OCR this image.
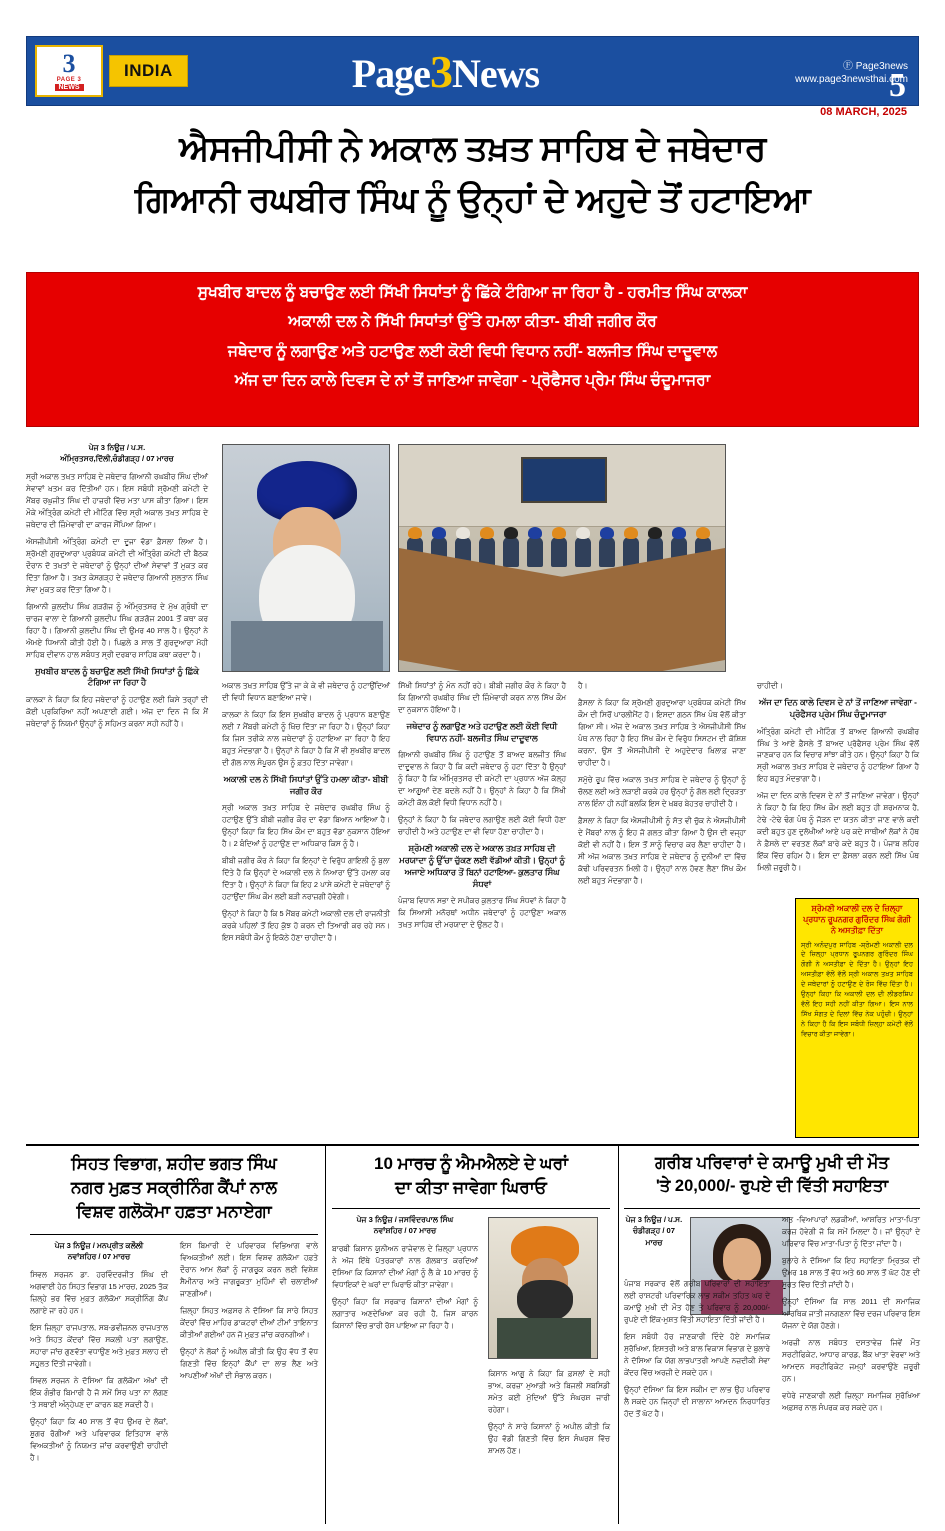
3
PAGE 3
NEWS
INDIA	Page3News	Ⓕ Page3news
www.page3newsthai.com
5
08 MARCH, 2025
ਐਸਜੀਪੀਸੀ ਨੇ ਅਕਾਲ ਤਖ਼ਤ ਸਾਹਿਬ ਦੇ ਜਥੇਦਾਰ
ਗਿਆਨੀ ਰਘਬੀਰ ਸਿੰਘ ਨੂੰ ਉਨ੍ਹਾਂ ਦੇ ਅਹੁਦੇ ਤੋਂ ਹਟਾਇਆ

ਸੁਖਬੀਰ ਬਾਦਲ ਨੂੰ ਬਚਾਉਣ ਲਈ ਸਿੱਖੀ ਸਿਧਾਂਤਾਂ ਨੂੰ ਛਿੱਕੇ ਟੰਗਿਆ ਜਾ ਰਿਹਾ ਹੈ - ਹਰਮੀਤ ਸਿੰਘ ਕਾਲਕਾ

ਅਕਾਲੀ ਦਲ ਨੇ ਸਿੱਖੀ ਸਿਧਾਂਤਾਂ ਉੱਤੇ ਹਮਲਾ ਕੀਤਾ- ਬੀਬੀ ਜਗੀਰ ਕੌਰ

ਜਥੇਦਾਰ ਨੂੰ ਲਗਾਉਣ ਅਤੇ ਹਟਾਉਣ ਲਈ ਕੋਈ ਵਿਧੀ ਵਿਧਾਨ ਨਹੀਂ- ਬਲਜੀਤ ਸਿੰਘ ਦਾਦੂਵਾਲ

ਅੱਜ ਦਾ ਦਿਨ ਕਾਲੇ ਦਿਵਸ ਦੇ ਨਾਂ ਤੋਂ ਜਾਣਿਆ ਜਾਵੇਗਾ - ਪ੍ਰੋਫੈਸਰ ਪ੍ਰੇਮ ਸਿੰਘ ਚੰਦੂਮਾਜਰਾ

ਪੇਜ 3 ਨਿਊਜ਼ / ਪ.ਸ.
ਅੰਮ੍ਰਿਤਸਰ,ਦਿੱਲੀ,ਚੰਡੀਗੜ੍ਹ / 07 ਮਾਰਚ

ਸ੍ਰੀ ਅਕਾਲ ਤਖ਼ਤ ਸਾਹਿਬ ਦੇ ਜਥੇਦਾਰ ਗਿਆਨੀ ਰਘਬੀਰ ਸਿੰਘ ਦੀਆਂ ਸੇਵਾਵਾਂ ਖ਼ਤਮ ਕਰ ਦਿੱਤੀਆਂ ਹਨ। ਇਸ ਸਬੰਧੀ ਸ਼੍ਰੋਮਣੀ ਕਮੇਟੀ ਦੇ ਮੈਂਬਰ ਰਘੁਜੀਤ ਸਿੰਘ ਦੀ ਹਾਜ਼ਰੀ ਵਿੱਚ ਮਤਾ ਪਾਸ ਕੀਤਾ ਗਿਆ। ਇਸ ਮੌਕੇ ਅੰਤ੍ਰਿੰਗ ਕਮੇਟੀ ਦੀ ਮੀਟਿੰਗ ਵਿੱਚ ਸ੍ਰੀ ਅਕਾਲ ਤਖ਼ਤ ਸਾਹਿਬ ਦੇ ਜਥੇਦਾਰ ਦੀ ਜ਼ਿੰਮੇਵਾਰੀ ਦਾ ਕਾਰਜ ਸੌਂਪਿਆ ਗਿਆ।

ਐਸਜੀਪੀਸੀ ਅੰਤ੍ਰਿੰਗ ਕਮੇਟੀ ਦਾ ਦੂਜਾ ਵੱਡਾ ਫ਼ੈਸਲਾ ਲਿਆ ਹੈ। ਸ਼੍ਰੋਮਣੀ ਗੁਰਦੁਆਰਾ ਪ੍ਰਬੰਧਕ ਕਮੇਟੀ ਦੀ ਅੰਤ੍ਰਿੰਗ ਕਮੇਟੀ ਦੀ ਬੈਠਕ ਦੌਰਾਨ ਦੋ ਤਖ਼ਤਾਂ ਦੇ ਜਥੇਦਾਰਾਂ ਨੂੰ ਉਨ੍ਹਾਂ ਦੀਆਂ ਸੇਵਾਵਾਂ ਤੋਂ ਮੁਕਤ ਕਰ ਦਿੱਤਾ ਗਿਆ ਹੈ। ਤਖ਼ਤ ਕੇਸਗੜ੍ਹ ਦੇ ਜਥੇਦਾਰ ਗਿਆਨੀ ਸੁਲਤਾਨ ਸਿੰਘ ਸੇਵਾ ਮੁਕਤ ਕਰ ਦਿੱਤਾ ਗਿਆ ਹੈ।

ਗਿਆਨੀ ਕੁਲਦੀਪ ਸਿੰਘ ਗੜਗੱਜ ਨੂੰ ਅੰਮ੍ਰਿਤਸਰ ਦੇ ਮੁੱਖ ਗ੍ਰੰਥੀ ਦਾ ਚਾਰਜ ਵਾਲਾ ਦੇ ਗਿਆਨੀ ਕੁਲਦੀਪ ਸਿੰਘ ਗੜਗੱਜ 2001 ਤੋਂ ਕਥਾ ਕਰ ਰਿਹਾ ਹੈ। ਗਿਆਨੀ ਕੁਲਦੀਪ ਸਿੰਘ ਦੀ ਉਮਰ 40 ਸਾਲ ਹੈ। ਉਨ੍ਹਾਂ ਨੇ ਐਮਏ ਧਿਆਨੀ ਕੀਤੀ ਹੋਈ ਹੈ। ਪਿਛਲੇ 3 ਸਾਲ ਤੋਂ ਗੁਰਦੁਆਰਾ ਮੋਹੀ ਸਾਹਿਬ ਦੀਵਾਨ ਹਾਲ ਸਬੰਧਤ ਸ੍ਰੀ ਦਰਬਾਰ ਸਾਹਿਬ ਕਥਾ ਕਰਦਾ ਹੈ।

ਸੁਖਬੀਰ ਬਾਦਲ ਨੂੰ ਬਚਾਉਣ ਲਈ ਸਿੱਖੀ ਸਿਧਾਂਤਾਂ ਨੂੰ ਛਿੱਕੇ ਟੰਗਿਆ ਜਾ ਰਿਹਾ ਹੈ

ਕਾਲਕਾ ਨੇ ਕਿਹਾ ਕਿ ਇਹ ਜਥੇਦਾਰਾਂ ਨੂੰ ਹਟਾਉਣ ਲਈ ਕਿਸੇ ਤਰ੍ਹਾਂ ਦੀ ਕੋਈ ਪ੍ਰਕਿਰਿਆ ਨਹੀਂ ਅਪਣਾਈ ਗਈ। ਅੱਜ ਦਾ ਦਿਨ ਜੋ ਕਿ ਮੈਂ ਜਥੇਦਾਰਾਂ ਨੂੰ ਨਿਯਮਾਂ ਉਨ੍ਹਾਂ ਨੂੰ ਸਹਿਮਤ ਕਰਨਾ ਸਹੀ ਨਹੀਂ ਹੈ।

ਅਕਾਲ ਤਖ਼ਤ ਸਾਹਿਬ ਉੱਤੇ ਜਾ ਕੇ ਕੇ ਵੀ ਜਥੇਦਾਰ ਨੂੰ ਹਟਾਉਂਦਿਆਂ ਦੀ ਵਿਧੀ ਵਿਧਾਨ ਬਣਾਇਆ ਜਾਵੇ।

ਕਾਲਕਾ ਨੇ ਕਿਹਾ ਕਿ ਇਸ ਸੁਖਬੀਰ ਬਾਦਲ ਨੂੰ ਪ੍ਰਧਾਨ ਬਣਾਉਣ ਲਈ 7 ਮੈਂਬਰੀ ਕਮੇਟੀ ਨੂੰ ਖ਼ਿੱਚ ਦਿੱਤਾ ਜਾ ਰਿਹਾ ਹੈ। ਉਨ੍ਹਾਂ ਕਿਹਾ ਕਿ ਜਿਸ ਤਰੀਕੇ ਨਾਲ ਜਥੇਦਾਰਾਂ ਨੂੰ ਹਟਾਇਆ ਜਾ ਰਿਹਾ ਹੈ ਇਹ ਬਹੁਤ ਮੰਦਭਾਗਾ ਹੈ। ਉਨ੍ਹਾਂ ਨੇ ਕਿਹਾ ਹੈ ਕਿ ਮੈਂ ਵੀ ਸੁਖਬੀਰ ਬਾਦਲ ਦੀ ਗੱਲ ਨਾਲ ਸੰਪੂਰਨ ਉਸ ਨੂੰ ਫ਼ਤਹ ਦਿੱਤਾ ਜਾਵੇਗਾ।

ਅਕਾਲੀ ਦਲ ਨੇ ਸਿੱਖੀ ਸਿਧਾਂਤਾਂ ਉੱਤੇ ਹਮਲਾ ਕੀਤਾ- ਬੀਬੀ ਜਗੀਰ ਕੌਰ

ਸ੍ਰੀ ਅਕਾਲ ਤਖ਼ਤ ਸਾਹਿਬ ਦੇ ਜਥੇਦਾਰ ਰਘਬੀਰ ਸਿੰਘ ਨੂੰ ਹਟਾਉਣ ਉੱਤੇ ਬੀਬੀ ਜਗੀਰ ਕੌਰ ਦਾ ਵੱਡਾ ਬਿਆਨ ਆਇਆ ਹੈ। ਉਨ੍ਹਾਂ ਕਿਹਾ ਕਿ ਇਹ ਸਿੱਖ ਕੌਮ ਦਾ ਬਹੁਤ ਵੱਡਾ ਨੁਕਸਾਨ ਹੋਇਆ ਹੈ। 2 ਬੰਦਿਆਂ ਨੂੰ ਹਟਾਉਣ ਦਾ ਅਧਿਕਾਰ ਕਿਸ ਨੂੰ ਹੈ।

ਬੀਬੀ ਜਗੀਰ ਕੌਰ ਨੇ ਕਿਹਾ ਕਿ ਇਨ੍ਹਾਂ ਦੇ ਵਿਰੁੱਧ ਗਾਇਲੀ ਨੂੰ ਬੁਲਾ ਦਿੱਤੇ ਹੈ ਕਿ ਉਨ੍ਹਾਂ ਦੇ ਅਕਾਲੀ ਦਲ ਨੇ ਨਿਆਰਾ ਉੱਤੇ ਹਮਲਾ ਕਰ ਦਿੱਤਾ ਹੈ। ਉਨ੍ਹਾਂ ਨੇ ਕਿਹਾ ਕਿ ਇਹ 2 ਪਾਸੇ ਕਮੇਟੀ ਦੇ ਜਥੇਦਾਰਾਂ ਨੂੰ ਹਟਾਉਂਦਾ ਸਿੰਘ ਕੌਮ ਲਈ ਬੜੀ ਨਰਾਜ਼ਗੀ ਹੋਵੇਗੀ।

ਉਨ੍ਹਾਂ ਨੇ ਕਿਹਾ ਹੈ ਕਿ 5 ਮੈਂਬਰ ਕਮੇਟੀ ਅਕਾਲੀ ਦਲ ਦੀ ਰਾਜਨੀਤੀ ਕਰਕੇ ਪਹਿਲਾਂ ਤੋਂ ਇਹ ਕੁੱਝ ਹੋ ਕਰਨ ਦੀ ਤਿਆਰੀ ਕਰ ਰਹੇ ਸਨ। ਇਸ ਸਬੰਧੀ ਕੌਮ ਨੂੰ ਇਕੱਠੇ ਹੋਣਾ ਚਾਹੀਦਾ ਹੈ।

ਸਿੱਖੀ ਸਿਧਾਂਤਾਂ ਨੂੰ ਮੰਨ ਨਹੀਂ ਰਹੇ। ਬੀਬੀ ਜਗੀਰ ਕੌਰ ਨੇ ਕਿਹਾ ਹੈ ਕਿ ਗਿਆਨੀ ਰਘਬੀਰ ਸਿੰਘ ਦੀ ਜ਼ਿੰਮੇਵਾਰੀ ਕਰਨ ਨਾਲ ਸਿੱਖ ਕੌਮ ਦਾ ਨੁਕਸਾਨ ਹੋਇਆ ਹੈ।

ਜਥੇਦਾਰ ਨੂੰ ਲਗਾਉਣ ਅਤੇ ਹਟਾਉਣ ਲਈ ਕੋਈ ਵਿਧੀ ਵਿਧਾਨ ਨਹੀਂ- ਬਲਜੀਤ ਸਿੰਘ ਦਾਦੂਵਾਲ

ਗਿਆਨੀ ਰਘਬੀਰ ਸਿੰਘ ਨੂੰ ਹਟਾਉਣ ਤੋਂ ਬਾਅਦ ਬਲਜੀਤ ਸਿੰਘ ਦਾਦੂਵਾਲ ਨੇ ਕਿਹਾ ਹੈ ਕਿ ਕਦੀ ਜਥੇਦਾਰ ਨੂੰ ਹਟਾ ਦਿੱਤਾ ਹੈ ਉਨ੍ਹਾਂ ਨੂੰ ਕਿਹਾ ਹੈ ਕਿ ਅੰਮ੍ਰਿਤਸਰ ਦੀ ਕਮੇਟੀ ਦਾ ਪ੍ਰਧਾਨ ਅੱਜ ਕੱਲ੍ਹ ਦਾ ਆਗੂਆਂ ਦੇਣ ਬਦਲੇ ਨਹੀਂ ਹੈ। ਉਨ੍ਹਾਂ ਨੇ ਕਿਹਾ ਹੈ ਕਿ ਸਿੱਖੀ ਕਮੇਟੀ ਕੋਲ ਕੋਈ ਵਿਧੀ ਵਿਧਾਨ ਨਹੀਂ ਹੈ।

ਉਨ੍ਹਾਂ ਨੇ ਕਿਹਾ ਹੈ ਕਿ ਜਥੇਦਾਰ ਲਗਾਉਣ ਲਈ ਕੋਈ ਵਿਧੀ ਹੋਣਾ ਚਾਹੀਦੀ ਹੈ ਅਤੇ ਹਟਾਉਣ ਦਾ ਵੀ ਵਿਧਾ ਹੋਣਾ ਚਾਹੀਦਾ ਹੈ।

ਸ਼੍ਰੋਮਣੀ ਅਕਾਲੀ ਦਲ ਦੇ ਅਕਾਲ ਤਖ਼ਤ ਸਾਹਿਬ ਦੀ ਮਰਯਾਦਾ ਨੂੰ ਉੱਚਾ ਚੁੱਕਣ ਲਈ ਵੱਡੀਆਂ ਕੀਤੀ। ਉਨ੍ਹਾਂ ਨੂੰ ਅਜਾਏ ਅਧਿਕਾਰ ਤੋਂ ਬਿਨਾਂ ਹਟਾਇਆ- ਕੁਲਤਾਰ ਸਿੰਘ ਸੰਧਵਾਂ

ਪੰਜਾਬ ਵਿਧਾਨ ਸਭਾ ਦੇ ਸਪੀਕਰ ਕੁਲਤਾਰ ਸਿੰਘ ਸੰਧਵਾਂ ਨੇ ਕਿਹਾ ਹੈ ਕਿ ਸਿਆਸੀ ਮਨੋਰਥਾਂ ਅਧੀਨ ਜਥੇਦਾਰਾਂ ਨੂੰ ਹਟਾਉਣਾ ਅਕਾਲ ਤਖ਼ਤ ਸਾਹਿਬ ਦੀ ਮਰਯਾਦਾ ਦੇ ਉਲਟ ਹੈ।

ਹੈ।

ਫ਼ੈਸਲਾ ਨੇ ਕਿਹਾ ਕਿ ਸ਼੍ਰੋਮਣੀ ਗੁਰਦੁਆਰਾ ਪ੍ਰਬੰਧਕ ਕਮੇਟੀ ਸਿੱਖ ਕੌਮ ਦੀ ਸਿਰੋਂ ਪਾਰਲੀਮੈਂਟ ਹੋ। ਇਸਦਾ ਗਠਨ ਸਿੱਖ ਪੰਥ ਵੱਲੋਂ ਕੀਤਾ ਗਿਆ ਸੀ। ਅੱਜ ਦੇ ਅਕਾਲ ਤਖ਼ਤ ਸਾਹਿਬ ਤੇ ਐਸਜੀਪੀਸੀ ਸਿੱਖ ਪੰਥ ਨਾਲ ਰਿਹਾ ਹੈ ਇਹ ਸਿੱਖ ਕੌਮ ਦੇ ਵਿਰੁੱਧ ਸਿਸਟਮ ਦੀ ਕੋਸ਼ਿਸ਼ ਕਰਨਾ, ਉਸ ਤੋਂ ਐਸਜੀਪੀਸੀ ਦੇ ਅਹੁਦੇਦਾਰ ਖ਼ਿਲਾਫ਼ ਜਾਣਾ ਚਾਹੀਦਾ ਹੈ।

ਸਮੁੱਚੇ ਰੂਪ ਵਿੱਚ ਅਕਾਲ ਤਖ਼ਤ ਸਾਹਿਬ ਦੇ ਜਥੇਦਾਰ ਨੂੰ ਉਨ੍ਹਾਂ ਨੂੰ ਚੱਲਣ ਲਈ ਅਤੇ ਲੜਾਈ ਕਰਕੇ ਹਰ ਉਨ੍ਹਾਂ ਨੂੰ ਗੱਲ ਲਈ ਦ੍ਰਿੜਤਾ ਨਾਲ ਇੰਨਾ ਹੀ ਨਹੀਂ ਬਲਕਿ ਇਸ ਦੇ ਖ਼ਬਰ ਬੇਹਤਰ ਚਾਹੀਦੀ ਹੈ।

ਫ਼ੈਸਲਾ ਨੇ ਕਿਹਾ ਕਿ ਐਸਜੀਪੀਸੀ ਨੂੰ ਸੱਤ ਵੀ ਚੁੱਕ ਨੇ ਐਸਜੀਪੀਸੀ ਦੇ ਮੈਂਬਰਾਂ ਨਾਲ ਨੂੰ ਇਹ ਜੋ ਗਲਤ ਕੀਤਾ ਗਿਆ ਹੈ ਉਸ ਦੀ ਵਜ੍ਹਾ ਕੋਈ ਵੀ ਨਹੀਂ ਹੈ। ਇਸ ਤੋਂ ਸਾਨੂੰ ਵਿਚਾਰ ਕਰ ਲੈਣਾ ਚਾਹੀਦਾ ਹੈ। ਸੀ ਅੱਜ ਅਕਾਲ ਤਖ਼ਤ ਸਾਹਿਬ ਦੇ ਜਥੇਦਾਰ ਨੂੰ ਦੁਨੀਆਂ ਦਾ ਵਿੱਚ ਕੱਢੀ ਪਰਿਵਰਤਨ ਮਿਲੀ ਹੋ। ਉਨ੍ਹਾਂ ਨਾਲ ਹੋਵਣ ਲੈਣਾ ਸਿੱਖ ਕੌਮ ਲਈ ਬਹੁਤ ਮੰਦਭਾਗਾ ਹੈ।

ਚਾਹੀਦੀ।

ਅੱਜ ਦਾ ਦਿਨ ਕਾਲੇ ਦਿਵਸ ਦੇ ਨਾਂ ਤੋਂ ਜਾਣਿਆ ਜਾਵੇਗਾ - ਪ੍ਰੋਫੈਸਰ ਪ੍ਰੇਮ ਸਿੰਘ ਚੰਦੂਮਾਜਰਾ

ਅੰਤ੍ਰਿੰਗ ਕਮੇਟੀ ਦੀ ਮੀਟਿੰਗ ਤੋਂ ਬਾਅਦ ਗਿਆਨੀ ਰਘਬੀਰ ਸਿੰਘ ਤੇ ਆਏ ਫ਼ੈਸਲੇ ਤੋਂ ਬਾਅਦ ਪ੍ਰੋਫੈਸਰ ਪ੍ਰੇਮ ਸਿੰਘ ਵੱਲੋਂ ਜਾਣਕਾਰ ਹਨ ਕਿ ਵਿਚਾਰ ਸਾਂਝਾ ਕੀਤੇ ਹਨ। ਉਨ੍ਹਾਂ ਕਿਹਾ ਹੈ ਕਿ ਸ੍ਰੀ ਅਕਾਲ ਤਖ਼ਤ ਸਾਹਿਬ ਦੇ ਜਥੇਦਾਰ ਨੂੰ ਹਟਾਇਆ ਗਿਆ ਹੈ ਇਹ ਬਹੁਤ ਮੰਦਭਾਗਾ ਹੈ।

ਅੱਜ ਦਾ ਦਿਨ ਕਾਲੇ ਦਿਵਸ ਦੇ ਨਾਂ ਤੋਂ ਜਾਣਿਆ ਜਾਵੇਗਾ। ਉਨ੍ਹਾਂ ਨੇ ਕਿਹਾ ਹੈ ਕਿ ਇਹ ਸਿੱਖ ਕੌਮ ਲਈ ਬਹੁਤ ਹੀ ਸ਼ਰਮਨਾਕ ਹੈ, ਟੇਢੇ -ਟੇਢੇ ਢੰਗ ਪੰਥ ਨੂੰ ਜੋੜਨ ਦਾ ਯਤਨ ਕੀਤਾ ਜਾਣ ਵਾਲੇ ਕਦੀ ਕਦੀ ਬਹੁਤ ਹੁਣ ਦੁਲੱਖੀਆਂ ਆਏ ਪਰ ਕਦੇ ਸਾਥੀਆਂ ਲੋਕਾਂ ਨੇ ਹੱਥ ਨੇ ਫ਼ੈਸਲੇ ਦਾ ਵਰਤਣ ਲੋਕਾਂ ਬਾਰੇ ਕਦੇ ਬਹੁਤ ਹੈ। ਪੰਜਾਬ ਲਹਿਰ ਇੱਕ ਵਿੱਚ ਰਹਿਮ ਹੈ। ਇਸ ਦਾ ਫ਼ੈਸਲਾ ਕਰਨ ਲਈ ਸਿੱਖ ਪੰਥ ਮਿਲੀ ਜ਼ਰੂਰੀ ਹੈ।

ਸ਼੍ਰੋਮਣੀ ਅਕਾਲੀ ਦਲ ਦੇ ਜ਼ਿਲ੍ਹਾ ਪ੍ਰਧਾਨ ਰੂਪਨਗਰ ਗੁਰਿੰਦਰ ਸਿੰਘ ਗੋਗੀ ਨੇ ਅਸਤੀਫ਼ਾ ਦਿੱਤਾ
ਸ੍ਰੀ ਅਨੰਦਪੁਰ ਸਾਹਿਬ -ਸ਼੍ਰੋਮਣੀ ਅਕਾਲੀ ਦਲ ਦੇ ਜ਼ਿਲ੍ਹਾ ਪ੍ਰਧਾਨ ਰੂਪਨਗਰ ਗੁਰਿੰਦਰ ਸਿੰਘ ਗੋਗੀ ਨੇ ਅਸਤੀਫ਼ਾ ਦੇ ਦਿੱਤਾ ਹੈ। ਉਨ੍ਹਾਂ ਇਹ ਅਸਤੀਫ਼ਾ ਵੱਲੋਂ ਵੱਲੋਂ ਸ੍ਰੀ ਅਕਾਲ ਤਖ਼ਤ ਸਾਹਿਬ ਦੇ ਜਥੇਦਾਰਾਂ ਨੂੰ ਹਟਾਉਣ ਦੇ ਰੋਸ ਵਿੱਚ ਦਿੱਤਾ ਹੈ। ਉਨ੍ਹਾਂ ਕਿਹਾ ਕਿ ਅਕਾਲੀ ਦਲ ਦੀ ਲੀਡਰਸ਼ਿਪ ਵੱਲੋਂ ਇਹ ਸਹੀ ਨਹੀਂ ਕੀਤਾ ਗਿਆ। ਇਸ ਨਾਲ ਸਿੱਖ ਸੰਗਤ ਦੇ ਦਿਲਾਂ ਵਿੱਚ ਨੇਕ ਪਹੁੰਚੀ। ਉਨ੍ਹਾਂ ਨੇ ਕਿਹਾ ਹੈ ਕਿ ਇਸ ਸਬੰਧੀ ਜ਼ਿਲ੍ਹਾ ਕਮੇਟੀ ਵੱਲੋਂ ਵਿਚਾਰ ਕੀਤਾ ਜਾਵੇਗਾ।
ਸਿਹਤ ਵਿਭਾਗ, ਸ਼ਹੀਦ ਭਗਤ ਸਿੰਘ
ਨਗਰ ਮੁਫ਼ਤ ਸਕ੍ਰੀਨਿੰਗ ਕੈਂਪਾਂ ਨਾਲ
ਵਿਸ਼ਵ ਗਲੋਕੋਮਾ ਹਫ਼ਤਾ ਮਨਾਏਗਾ
ਪੇਜ 3 ਨਿਊਜ਼ / ਮਨਪ੍ਰੀਤ ਕਲੌਲੀ
ਨਵਾਂਸ਼ਹਿਰ / 07 ਮਾਰਚ

ਸਿਵਲ ਸਰਜਨ ਡਾ. ਹਰਵਿੰਦਰਜੀਤ ਸਿੰਘ ਦੀ ਅਗਵਾਈ ਹੇਠ ਸਿਹਤ ਵਿਭਾਗ 15 ਮਾਰਚ, 2025 ਤੱਕ ਜ਼ਿਲ੍ਹੇ ਭਰ ਵਿੱਚ ਮੁਫ਼ਤ ਗਲੋਕੋਮਾ ਸਕ੍ਰੀਨਿੰਗ ਕੈਂਪ ਲਗਾਏ ਜਾ ਰਹੇ ਹਨ।

ਇਸ ਜ਼ਿਲ੍ਹਾ ਰਾਜਪਤਾਲ, ਸਬ-ਡਵੀਜ਼ਨਲ ਰਾਜਪਤਾਲ ਅਤੇ ਸਿਹਤ ਕੇਂਦਰਾਂ ਵਿੱਚ ਸਕਲੀ ਪਤਾ ਲਗਾਉਣ, ਸਹਾਰਾ ਜਾਂਚ ਗੁਣਵੱਤਾ ਵਧਾਉਣ ਅਤੇ ਮੁਫ਼ਤ ਸਲਾਹ ਦੀ ਸਹੂਲਤ ਦਿੱਤੀ ਜਾਵੇਗੀ।

ਸਿਵਲ ਸਰਜਨ ਨੇ ਦੱਸਿਆ ਕਿ ਗਲੋਕੋਮਾ ਅੱਖਾਂ ਦੀ ਇੱਕ ਗੰਭੀਰ ਬਿਮਾਰੀ ਹੈ ਜੋ ਸਮੇਂ ਸਿਰ ਪਤਾ ਨਾ ਲੱਗਣ 'ਤੇ ਸਥਾਈ ਅੰਨ੍ਹੇਪਣ ਦਾ ਕਾਰਨ ਬਣ ਸਕਦੀ ਹੈ।

ਉਨ੍ਹਾਂ ਕਿਹਾ ਕਿ 40 ਸਾਲ ਤੋਂ ਵੱਧ ਉਮਰ ਦੇ ਲੋਕਾਂ, ਸ਼ੂਗਰ ਰੋਗੀਆਂ ਅਤੇ ਪਰਿਵਾਰਕ ਇਤਿਹਾਸ ਵਾਲੇ ਵਿਅਕਤੀਆਂ ਨੂੰ ਨਿਯਮਤ ਜਾਂਚ ਕਰਵਾਉਣੀ ਚਾਹੀਦੀ ਹੈ।

ਇਸ ਬਿਮਾਰੀ ਦੇ ਪਰਿਵਾਰਕ ਵਿਭਿਆਗ ਵਾਲੇ ਵਿਅਕਤੀਆਂ ਲਈ। ਇਸ ਵਿਸ਼ਵ ਗਲੋਕੋਮਾ ਹਫ਼ਤੇ ਦੌਰਾਨ ਆਮ ਲੋਕਾਂ ਨੂੰ ਜਾਗਰੂਕ ਕਰਨ ਲਈ ਵਿਸ਼ੇਸ਼ ਸੈਮੀਨਾਰ ਅਤੇ ਜਾਗਰੂਕਤਾ ਮੁਹਿੰਮਾਂ ਵੀ ਚਲਾਈਆਂ ਜਾਣਗੀਆਂ।

ਜ਼ਿਲ੍ਹਾ ਸਿਹਤ ਅਫ਼ਸਰ ਨੇ ਦੱਸਿਆ ਕਿ ਸਾਰੇ ਸਿਹਤ ਕੇਂਦਰਾਂ ਵਿੱਚ ਮਾਹਿਰ ਡਾਕਟਰਾਂ ਦੀਆਂ ਟੀਮਾਂ ਤਾਇਨਾਤ ਕੀਤੀਆਂ ਗਈਆਂ ਹਨ ਜੋ ਮੁਫ਼ਤ ਜਾਂਚ ਕਰਨਗੀਆਂ।

ਉਨ੍ਹਾਂ ਨੇ ਲੋਕਾਂ ਨੂੰ ਅਪੀਲ ਕੀਤੀ ਕਿ ਉਹ ਵੱਧ ਤੋਂ ਵੱਧ ਗਿਣਤੀ ਵਿੱਚ ਇਨ੍ਹਾਂ ਕੈਂਪਾਂ ਦਾ ਲਾਭ ਲੈਣ ਅਤੇ ਆਪਣੀਆਂ ਅੱਖਾਂ ਦੀ ਸੰਭਾਲ ਕਰਨ।

10 ਮਾਰਚ ਨੂੰ ਐਮਐਲਏ ਦੇ ਘਰਾਂ
ਦਾ ਕੀਤਾ ਜਾਵੇਗਾ ਘਿਰਾਓ
ਪੇਜ 3 ਨਿਊਜ਼ / ਜਸਵਿੰਦਰਪਾਲ ਸਿੰਘ
ਨਵਾਂਸ਼ਹਿਰ / 07 ਮਾਰਚ

ਬਾਰਬੀ ਕਿਸਾਨ ਯੂਨੀਅਨ ਰਾਜੇਵਾਲ ਦੇ ਜ਼ਿਲ੍ਹਾ ਪ੍ਰਧਾਨ ਨੇ ਅੱਜ ਇੱਥੇ ਪੱਤਰਕਾਰਾਂ ਨਾਲ ਗੱਲਬਾਤ ਕਰਦਿਆਂ ਦੱਸਿਆ ਕਿ ਕਿਸਾਨਾਂ ਦੀਆਂ ਮੰਗਾਂ ਨੂੰ ਲੈ ਕੇ 10 ਮਾਰਚ ਨੂੰ ਵਿਧਾਇਕਾਂ ਦੇ ਘਰਾਂ ਦਾ ਘਿਰਾਓ ਕੀਤਾ ਜਾਵੇਗਾ।

ਉਨ੍ਹਾਂ ਕਿਹਾ ਕਿ ਸਰਕਾਰ ਕਿਸਾਨਾਂ ਦੀਆਂ ਮੰਗਾਂ ਨੂੰ ਲਗਾਤਾਰ ਅਣਦੇਖਿਆ ਕਰ ਰਹੀ ਹੈ, ਜਿਸ ਕਾਰਨ ਕਿਸਾਨਾਂ ਵਿੱਚ ਭਾਰੀ ਰੋਸ ਪਾਇਆ ਜਾ ਰਿਹਾ ਹੈ।

ਕਿਸਾਨ ਆਗੂ ਨੇ ਕਿਹਾ ਕਿ ਫ਼ਸਲਾਂ ਦੇ ਸਹੀ ਭਾਅ, ਕਰਜ਼ਾ ਮੁਆਫ਼ੀ ਅਤੇ ਬਿਜਲੀ ਸਬਸਿਡੀ ਸਮੇਤ ਕਈ ਮੁੱਦਿਆਂ ਉੱਤੇ ਸੰਘਰਸ਼ ਜਾਰੀ ਰਹੇਗਾ।

ਉਨ੍ਹਾਂ ਨੇ ਸਾਰੇ ਕਿਸਾਨਾਂ ਨੂੰ ਅਪੀਲ ਕੀਤੀ ਕਿ ਉਹ ਵੱਡੀ ਗਿਣਤੀ ਵਿੱਚ ਇਸ ਸੰਘਰਸ਼ ਵਿੱਚ ਸ਼ਾਮਲ ਹੋਣ।

ਗਰੀਬ ਪਰਿਵਾਰਾਂ ਦੇ ਕਮਾਊ ਮੁਖੀ ਦੀ ਮੌਤ
'ਤੇ 20,000/- ਰੁਪਏ ਦੀ ਵਿੱਤੀ ਸਹਾਇਤਾ
ਪੇਜ 3 ਨਿਊਜ਼ / ਪ.ਸ.
ਚੰਡੀਗੜ੍ਹ / 07 ਮਾਰਚ

ਪੰਜਾਬ ਸਰਕਾਰ ਵੱਲੋਂ ਗਰੀਬ ਪਰਿਵਾਰਾਂ ਦੀ ਸਹਾਇਤਾ ਲਈ ਰਾਸ਼ਟਰੀ ਪਰਿਵਾਰਿਕ ਲਾਭ ਸਕੀਮ ਤਹਿਤ ਘਰ ਦੇ ਕਮਾਊ ਮੁਖੀ ਦੀ ਮੌਤ ਹੋਣ ਤੇ ਪਰਿਵਾਰ ਨੂੰ 20,000/- ਰੁਪਏ ਦੀ ਇੱਕ-ਮੁਸ਼ਤ ਵਿੱਤੀ ਸਹਾਇਤਾ ਦਿੱਤੀ ਜਾਂਦੀ ਹੈ।

ਇਸ ਸਬੰਧੀ ਹੋਰ ਜਾਣਕਾਰੀ ਦਿੰਦੇ ਹੋਏ ਸਮਾਜਿਕ ਸੁਰੱਖਿਆ, ਇਸਤਰੀ ਅਤੇ ਬਾਲ ਵਿਕਾਸ ਵਿਭਾਗ ਦੇ ਬੁਲਾਰੇ ਨੇ ਦੱਸਿਆ ਕਿ ਯੋਗ ਲਾਭਪਾਤਰੀ ਆਪਣੇ ਨਜ਼ਦੀਕੀ ਸੇਵਾ ਕੇਂਦਰ ਵਿੱਚ ਅਰਜ਼ੀ ਦੇ ਸਕਦੇ ਹਨ।

ਉਨ੍ਹਾਂ ਦੱਸਿਆ ਕਿ ਇਸ ਸਕੀਮ ਦਾ ਲਾਭ ਉਹ ਪਰਿਵਾਰ ਲੈ ਸਕਦੇ ਹਨ ਜਿਨ੍ਹਾਂ ਦੀ ਸਾਲਾਨਾ ਆਮਦਨ ਨਿਰਧਾਰਿਤ ਹੱਦ ਤੋਂ ਘੱਟ ਹੈ।

ਅਤ -ਵਿਆਪਾਰਾਂ ਲਡਕੀਆਂ, ਆਸ਼ਰਿਤ ਮਾਤਾ-ਪਿਤਾ ਕਰਜ਼ ਹੋਵੇਗੀ ਜੋ ਕਿ ਸਮੇਂ ਮਿਲਦਾ ਹੈ। ਜਾਂ ਉਨ੍ਹਾਂ ਦੇ ਪਰਿਵਾਰ ਵਿੱਚ ਮਾਤਾ-ਪਿਤਾ ਨੂੰ ਦਿੱਤਾ ਜਾਂਦਾ ਹੈ।

ਬੁਲਾਰੇ ਨੇ ਦੱਸਿਆ ਕਿ ਇਹ ਸਹਾਇਤਾ ਮ੍ਰਿਤਕ ਦੀ ਉਮਰ 18 ਸਾਲ ਤੋਂ ਵੱਧ ਅਤੇ 60 ਸਾਲ ਤੋਂ ਘੱਟ ਹੋਣ ਦੀ ਸੂਰਤ ਵਿੱਚ ਦਿੱਤੀ ਜਾਂਦੀ ਹੈ।

ਉਨ੍ਹਾਂ ਦੱਸਿਆ ਕਿ ਸਾਲ 2011 ਦੀ ਸਮਾਜਿਕ ਆਰਥਿਕ ਜਾਤੀ ਜਨਗਣਨਾ ਵਿੱਚ ਦਰਜ ਪਰਿਵਾਰ ਇਸ ਯੋਜਨਾ ਦੇ ਯੋਗ ਹੋਣਗੇ।

ਅਰਜ਼ੀ ਨਾਲ ਸਬੰਧਤ ਦਸਤਾਵੇਜ਼ ਜਿਵੇਂ ਮੌਤ ਸਰਟੀਫਿਕੇਟ, ਆਧਾਰ ਕਾਰਡ, ਬੈਂਕ ਖਾਤਾ ਵੇਰਵਾ ਅਤੇ ਆਮਦਨ ਸਰਟੀਫਿਕੇਟ ਜਮ੍ਹਾਂ ਕਰਵਾਉਣੇ ਜ਼ਰੂਰੀ ਹਨ।

ਵਧੇਰੇ ਜਾਣਕਾਰੀ ਲਈ ਜ਼ਿਲ੍ਹਾ ਸਮਾਜਿਕ ਸੁਰੱਖਿਆ ਅਫ਼ਸਰ ਨਾਲ ਸੰਪਰਕ ਕਰ ਸਕਦੇ ਹਨ।
